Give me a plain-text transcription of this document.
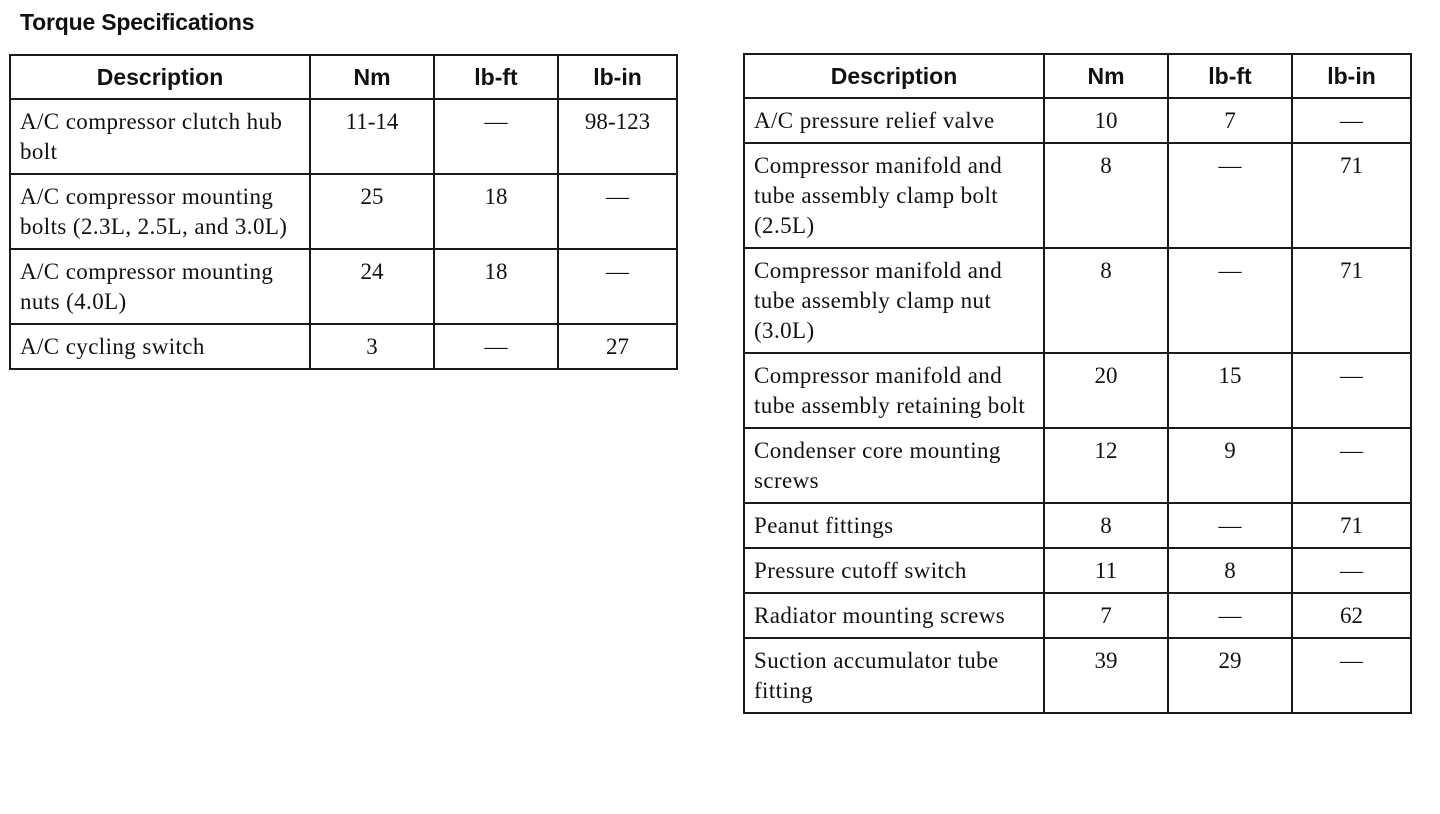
Torque Specifications
Description	Nm	lb-ft	lb-in
A/C compressor clutch hub bolt	11-14	—	98-123
A/C compressor mounting bolts (2.3L, 2.5L, and 3.0L)	25	18	—
A/C compressor mounting nuts (4.0L)	24	18	—
A/C cycling switch	3	—	27
Description	Nm	lb-ft	lb-in
A/C pressure relief valve	10	7	—
Compressor manifold and tube assembly clamp bolt (2.5L)	8	—	71
Compressor manifold and tube assembly clamp nut (3.0L)	8	—	71
Compressor manifold and tube assembly retaining bolt	20	15	—
Condenser core mounting screws	12	9	—
Peanut fittings	8	—	71
Pressure cutoff switch	11	8	—
Radiator mounting screws	7	—	62
Suction accumulator tube fitting	39	29	—
